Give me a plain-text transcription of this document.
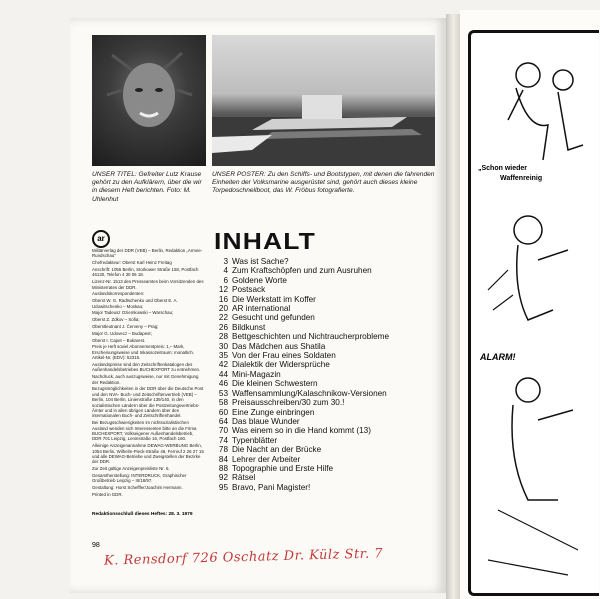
UNSER TITEL: Gefreiter Lutz Krause gehört zu den Aufklärern, über die wir in diesem Heft berichten. Foto: M. Uhlenhut
UNSER POSTER: Zu den Schiffs- und Bootstypen, mit denen die fahrenden Einheiten der Volksmarine ausgerüstet sind, gehört auch dieses kleine Torpedoschnellboot, das W. Fröbus fotografierte.
ar

Militärverlag der DDR (VEB) – Berlin, Redaktion „Armee-Rundschau“

Chefredakteur: Oberst Karl Heinz Freitag

Anschrift: 1055 Berlin, Storkower Straße 158, Postfach 46130, Telefon 4 30 06 18.

Lizenz-Nr. 1513 des Presseamtes beim Vorsitzenden des Ministerrates der DDR.

Auslandskorrespondenten:

Oberst W. G. Radtschenko und Oberst E. A. Udowitschenko – Moskau;

Major Tadeusz Oziemkowski – Warschau;

Oberst Z. Zdkov – Sofia;

Oberstleutnant J. Červeny – Prag;

Major G. Udovecz – Budapest;

Oberst I. Capet – Bukarest.

Preis je Heft soviel Abonnementpreis: 1,– Mark, Erscheinungsweise und Inkassozeitraum: monatlich. Artikel-Nr. (EDV): 52315.

Auslandspreise sind den Zeitschriftenkatalogen des Außenhandelsbetriebes BUCHEXPORT zu entnehmen.

Nachdruck, auch auszugsweise, nur mit Genehmigung der Redaktion.

Bezugsmöglichkeiten in der DDR über die Deutsche Post und den NVA- Buch- und Zeitschriftenvertrieb (VEB) – Berlin, 104 Berlin, Linienstraße 139/140, in den sozialistischen Ländern über die Postzeitungsvertriebs-Ämter und in allen übrigen Ländern über den internationalen Buch- und Zeitschriftenhandel.

Bei Bezugsschwierigkeiten im nichtsozialistischen Ausland wenden sich Interessenten bitte an die Firma BUCHEXPORT, Volkseigener Außenhandelsbetrieb, DDR 701 Leipzig, Leninstraße 16, Postfach 160.

Alleinige Anzeigenannahme DEWAG-WERBUNG Berlin, 1054 Berlin, Wilhelm-Pieck-Straße 49, Fernruf 2 26 27 15 und alle DEWAG-Betriebe und Zweigstellen der Bezirke der DDR.

Zur Zeit gültige Anzeigenpreisliste Nr. 6.

Gesamtherstellung: INTERDRUCK, Graphischer Großbetrieb Leipzig – III/18/97.

Gestaltung: Horst Scheffler/Joachim Hermann.

Printed in GDR.

Redaktionsschluß dieses Heftes: 28. 3. 1979
INHALT
3 Was ist Sache?
4 Zum Kraftschöpfen und zum Ausruhen
6 Goldene Worte
12 Postsack
16 Die Werkstatt im Koffer
20 AR international
22 Gesucht und gefunden
26 Bildkunst
28 Bettgeschichten und Nichtraucherprobleme
30 Das Mädchen aus Shatila
35 Von der Frau eines Soldaten
42 Dialektik der Widersprüche
44 Mini-Magazin
46 Die kleinen Schwestern
53 Waffensammlung/Kalaschnikow-Versionen
58 Preisausschreiben/30 zum 30.!
60 Eine Zunge einbringen
64 Das blaue Wunder
70 Was einem so in die Hand kommt (13)
74 Typenblätter
78 Die Nacht an der Brücke
84 Lehrer der Arbeiter
88 Topographie und Erste Hilfe
92 Rätsel
95 Bravo, Pani Magister!
98
K. Rensdorf 726 Oschatz Dr. Külz Str. 7
„Schon wieder
Waffenreinig
ALARM!
